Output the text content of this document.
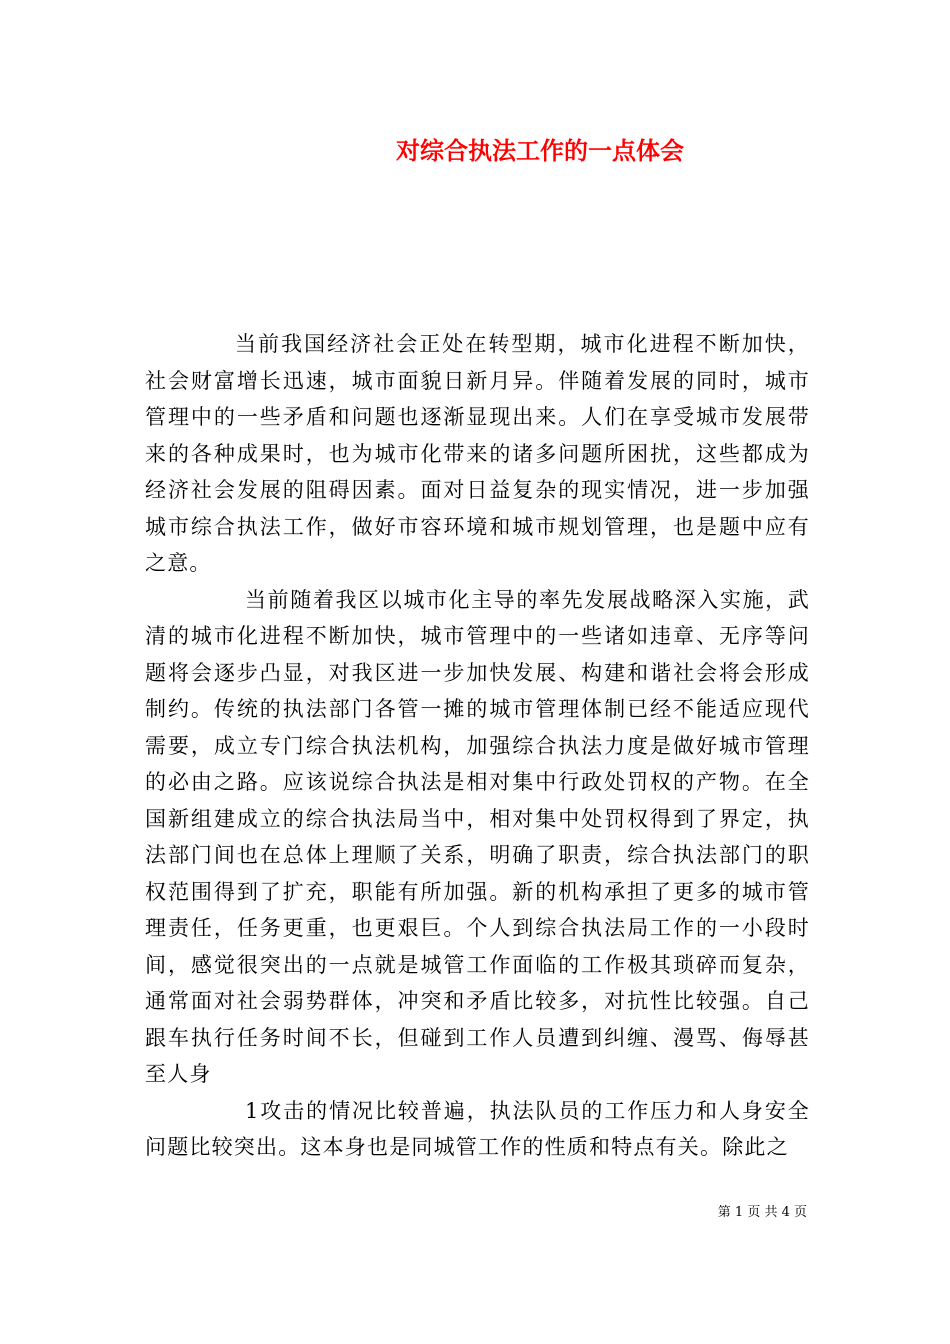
对综合执法工作的一点体会

当前我国经济社会正处在转型期，城市化进程不断加快，社会财富增长迅速，城市面貌日新月异。伴随着发展的同时，城市管理中的一些矛盾和问题也逐渐显现出来。人们在享受城市发展带来的各种成果时，也为城市化带来的诸多问题所困扰，这些都成为经济社会发展的阻碍因素。面对日益复杂的现实情况，进一步加强城市综合执法工作，做好市容环境和城市规划管理，也是题中应有之意。

当前随着我区以城市化主导的率先发展战略深入实施，武清的城市化进程不断加快，城市管理中的一些诸如违章、无序等问题将会逐步凸显，对我区进一步加快发展、构建和谐社会将会形成制约。传统的执法部门各管一摊的城市管理体制已经不能适应现代需要，成立专门综合执法机构，加强综合执法力度是做好城市管理的必由之路。应该说综合执法是相对集中行政处罚权的产物。在全国新组建成立的综合执法局当中，相对集中处罚权得到了界定，执法部门间也在总体上理顺了关系，明确了职责，综合执法部门的职权范围得到了扩充，职能有所加强。新的机构承担了更多的城市管理责任，任务更重，也更艰巨。个人到综合执法局工作的一小段时间，感觉很突出的一点就是城管工作面临的工作极其琐碎而复杂，通常面对社会弱势群体，冲突和矛盾比较多，对抗性比较强。自己跟车执行任务时间不长，但碰到工作人员遭到纠缠、漫骂、侮辱甚至人身

1攻击的情况比较普遍，执法队员的工作压力和人身安全问题比较突出。这本身也是同城管工作的性质和特点有关。除此之

第 1 页 共 4 页
